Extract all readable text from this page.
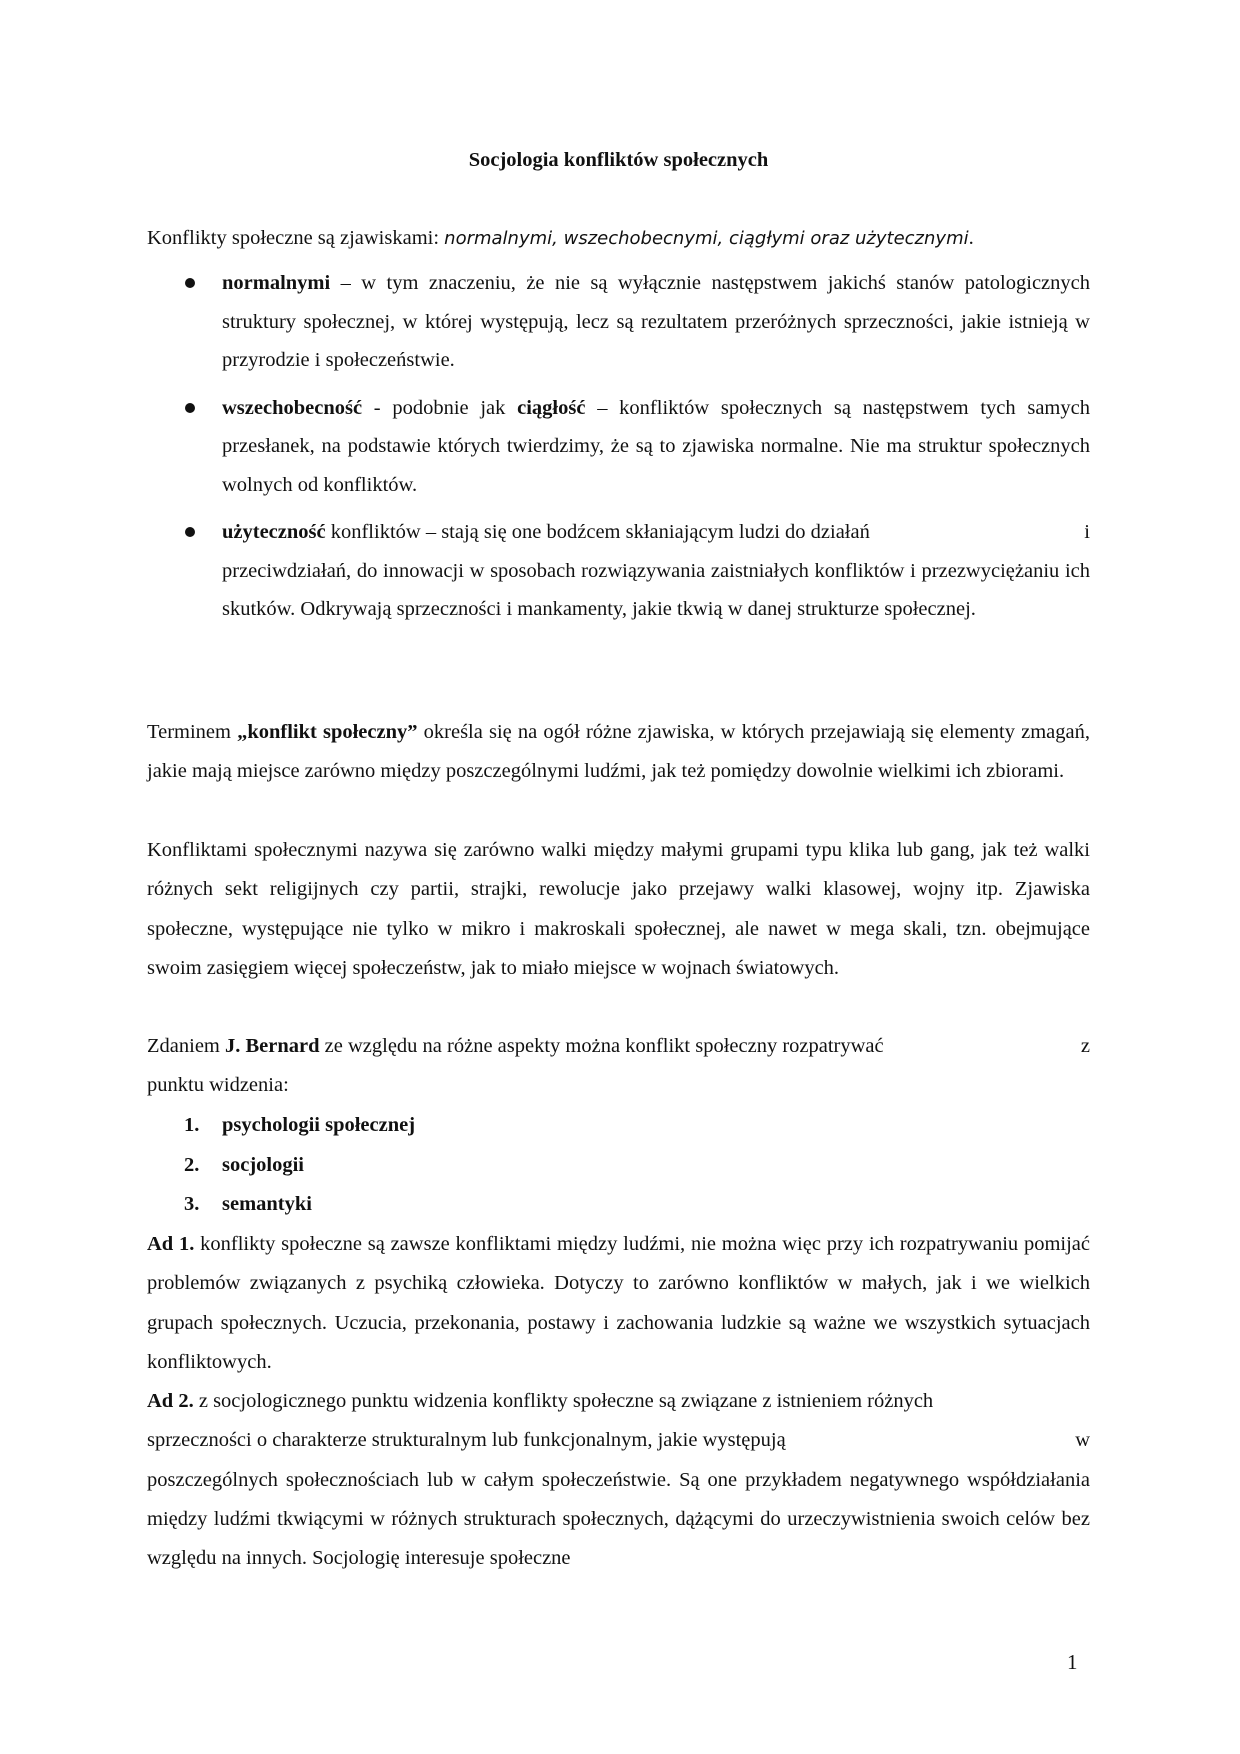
Socjologia konfliktów społecznych
Konflikty społeczne są zjawiskami: normalnymi, wszechobecnymi, ciągłymi oraz użytecznymi.
normalnymi – w tym znaczeniu, że nie są wyłącznie następstwem jakichś stanów patologicznych struktury społecznej, w której występują, lecz są rezultatem przeróżnych sprzeczności, jakie istnieją w przyrodzie i społeczeństwie.
wszechobecność - podobnie jak ciągłość – konfliktów społecznych są następstwem tych samych przesłanek, na podstawie których twierdzimy, że są to zjawiska normalne. Nie ma struktur społecznych wolnych od konfliktów.
użyteczność konfliktów – stają się one bodźcem skłaniającym ludzi do działań	i
przeciwdziałań, do innowacji w sposobach rozwiązywania zaistniałych konfliktów i przezwyciężaniu ich skutków. Odkrywają sprzeczności i mankamenty, jakie tkwią w danej strukturze społecznej.
Terminem „konflikt społeczny” określa się na ogół różne zjawiska, w których przejawiają się elementy zmagań, jakie mają miejsce zarówno między poszczególnymi ludźmi, jak też pomiędzy dowolnie wielkimi ich zbiorami.
Konfliktami społecznymi nazywa się zarówno walki między małymi grupami typu klika lub gang, jak też walki różnych sekt religijnych czy partii, strajki, rewolucje jako przejawy walki klasowej, wojny itp. Zjawiska społeczne, występujące nie tylko w mikro i makroskali społecznej, ale nawet w mega skali, tzn. obejmujące swoim zasięgiem więcej społeczeństw, jak to miało miejsce w wojnach światowych.
Zdaniem J. Bernard ze względu na różne aspekty można konflikt społeczny rozpatrywać	z
punktu widzenia:
1. psychologii społecznej
2. socjologii
3. semantyki
Ad 1. konflikty społeczne są zawsze konfliktami między ludźmi, nie można więc przy ich rozpatrywaniu pomijać problemów związanych z psychiką człowieka. Dotyczy to zarówno konfliktów w małych, jak i we wielkich grupach społecznych. Uczucia, przekonania, postawy i zachowania ludzkie są ważne we wszystkich sytuacjach konfliktowych.
Ad 2. z socjologicznego punktu widzenia konflikty społeczne są związane z istnieniem różnych
sprzeczności o charakterze strukturalnym lub funkcjonalnym, jakie występują	w
poszczególnych społecznościach lub w całym społeczeństwie. Są one przykładem negatywnego współdziałania między ludźmi tkwiącymi w różnych strukturach społecznych, dążącymi do urzeczywistnienia swoich celów bez względu na innych. Socjologię interesuje społeczne
1
